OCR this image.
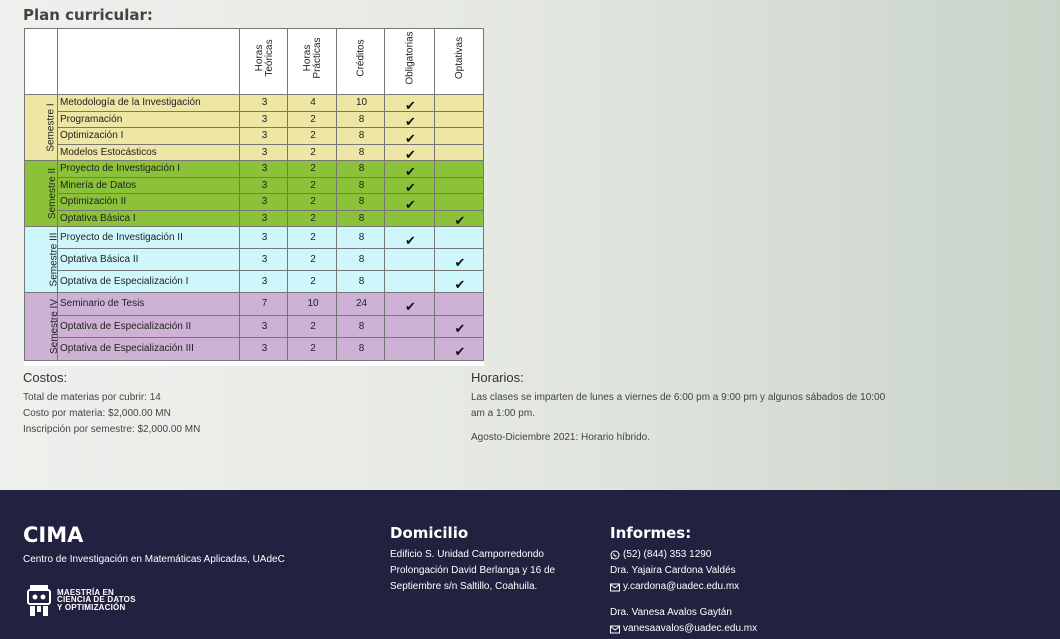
Plan curricular:

		Horas Teóricas	Horas Prácticas	Créditos	Obligatorias	Optativas

Semestre I	Metodología de la Investigación	3	4	10	✔	
	Programación	3	2	8	✔	
	Optimización I	3	2	8	✔	
	Modelos Estocásticos	3	2	8	✔	
Semestre II	Proyecto de Investigación I	3	2	8	✔	
	Minería de Datos	3	2	8	✔	
	Optimización II	3	2	8	✔	
	Optativa Básica I	3	2	8		✔
Semestre III	Proyecto de Investigación II	3	2	8	✔	
	Optativa Básica II	3	2	8		✔
	Optativa de Especialización I	3	2	8		✔
Semestre IV	Seminario de Tesis	7	10	24	✔	
	Optativa de Especialización II	3	2	8		✔
	Optativa de Especialización III	3	2	8		✔
Costos:
Total de materias por cubrir: 14
Costo por materia: $2,000.00 MN
Inscripción por semestre: $2,000.00 MN
Horarios:
Las clases se imparten de lunes a viernes de 6:00 pm a 9:00 pm y algunos sábados de 10:00 am a 1:00 pm.
Agosto-Diciembre 2021: Horario híbrido.
CIMA
Centro de Investigación en Matemáticas Aplicadas, UAdeC
MAESTRÍA EN CIENCIA DE DATOS Y OPTIMIZACIÓN
Domicilio
Edificio S. Unidad Camporredondo Prolongación David Berlanga y 16 de Septiembre s/n Saltillo, Coahuila.
Informes:
(52) (844) 353 1290
Dra. Yajaira Cardona Valdés
y.cardona@uadec.edu.mx
Dra. Vanesa Avalos Gaytán
vanesaavalos@uadec.edu.mx
